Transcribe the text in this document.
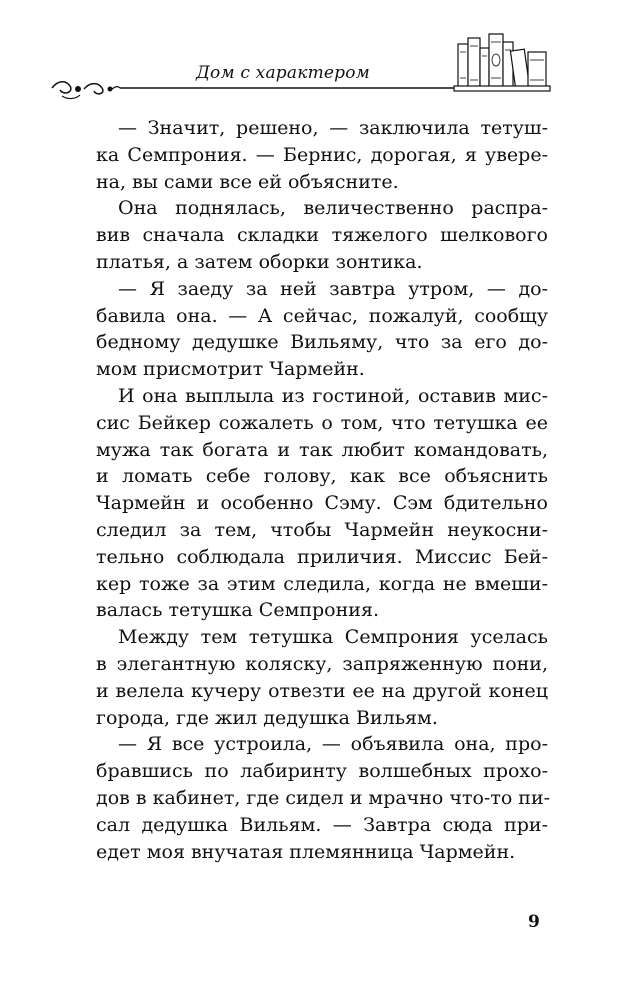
Дом с характером

— Значит, решено, — заключила тетуш-
ка Семпрония. — Бернис, дорогая, я увере-
на, вы сами все ей объясните.

Она поднялась, величественно распра-
вив сначала складки тяжелого шелкового
платья, а затем оборки зонтика.

— Я заеду за ней завтра утром, — до-
бавила она. — А сейчас, пожалуй, сообщу
бедному дедушке Вильяму, что за его до-
мом присмотрит Чармейн.

И она выплыла из гостиной, оставив мис-
сис Бейкер сожалеть о том, что тетушка ее
мужа так богата и так любит командовать,
и ломать себе голову, как все объяснить
Чармейн и особенно Сэму. Сэм бдительно
следил за тем, чтобы Чармейн неукосни-
тельно соблюдала приличия. Миссис Бей-
кер тоже за этим следила, когда не вмеши-
валась тетушка Семпрония.

Между тем тетушка Семпрония уселась
в элегантную коляску, запряженную пони,
и велела кучеру отвезти ее на другой конец
города, где жил дедушка Вильям.

— Я все устроила, — объявила она, про-
бравшись по лабиринту волшебных прохо-
дов в кабинет, где сидел и мрачно что-то пи-
сал дедушка Вильям. — Завтра сюда при-
едет моя внучатая племянница Чармейн.

9
